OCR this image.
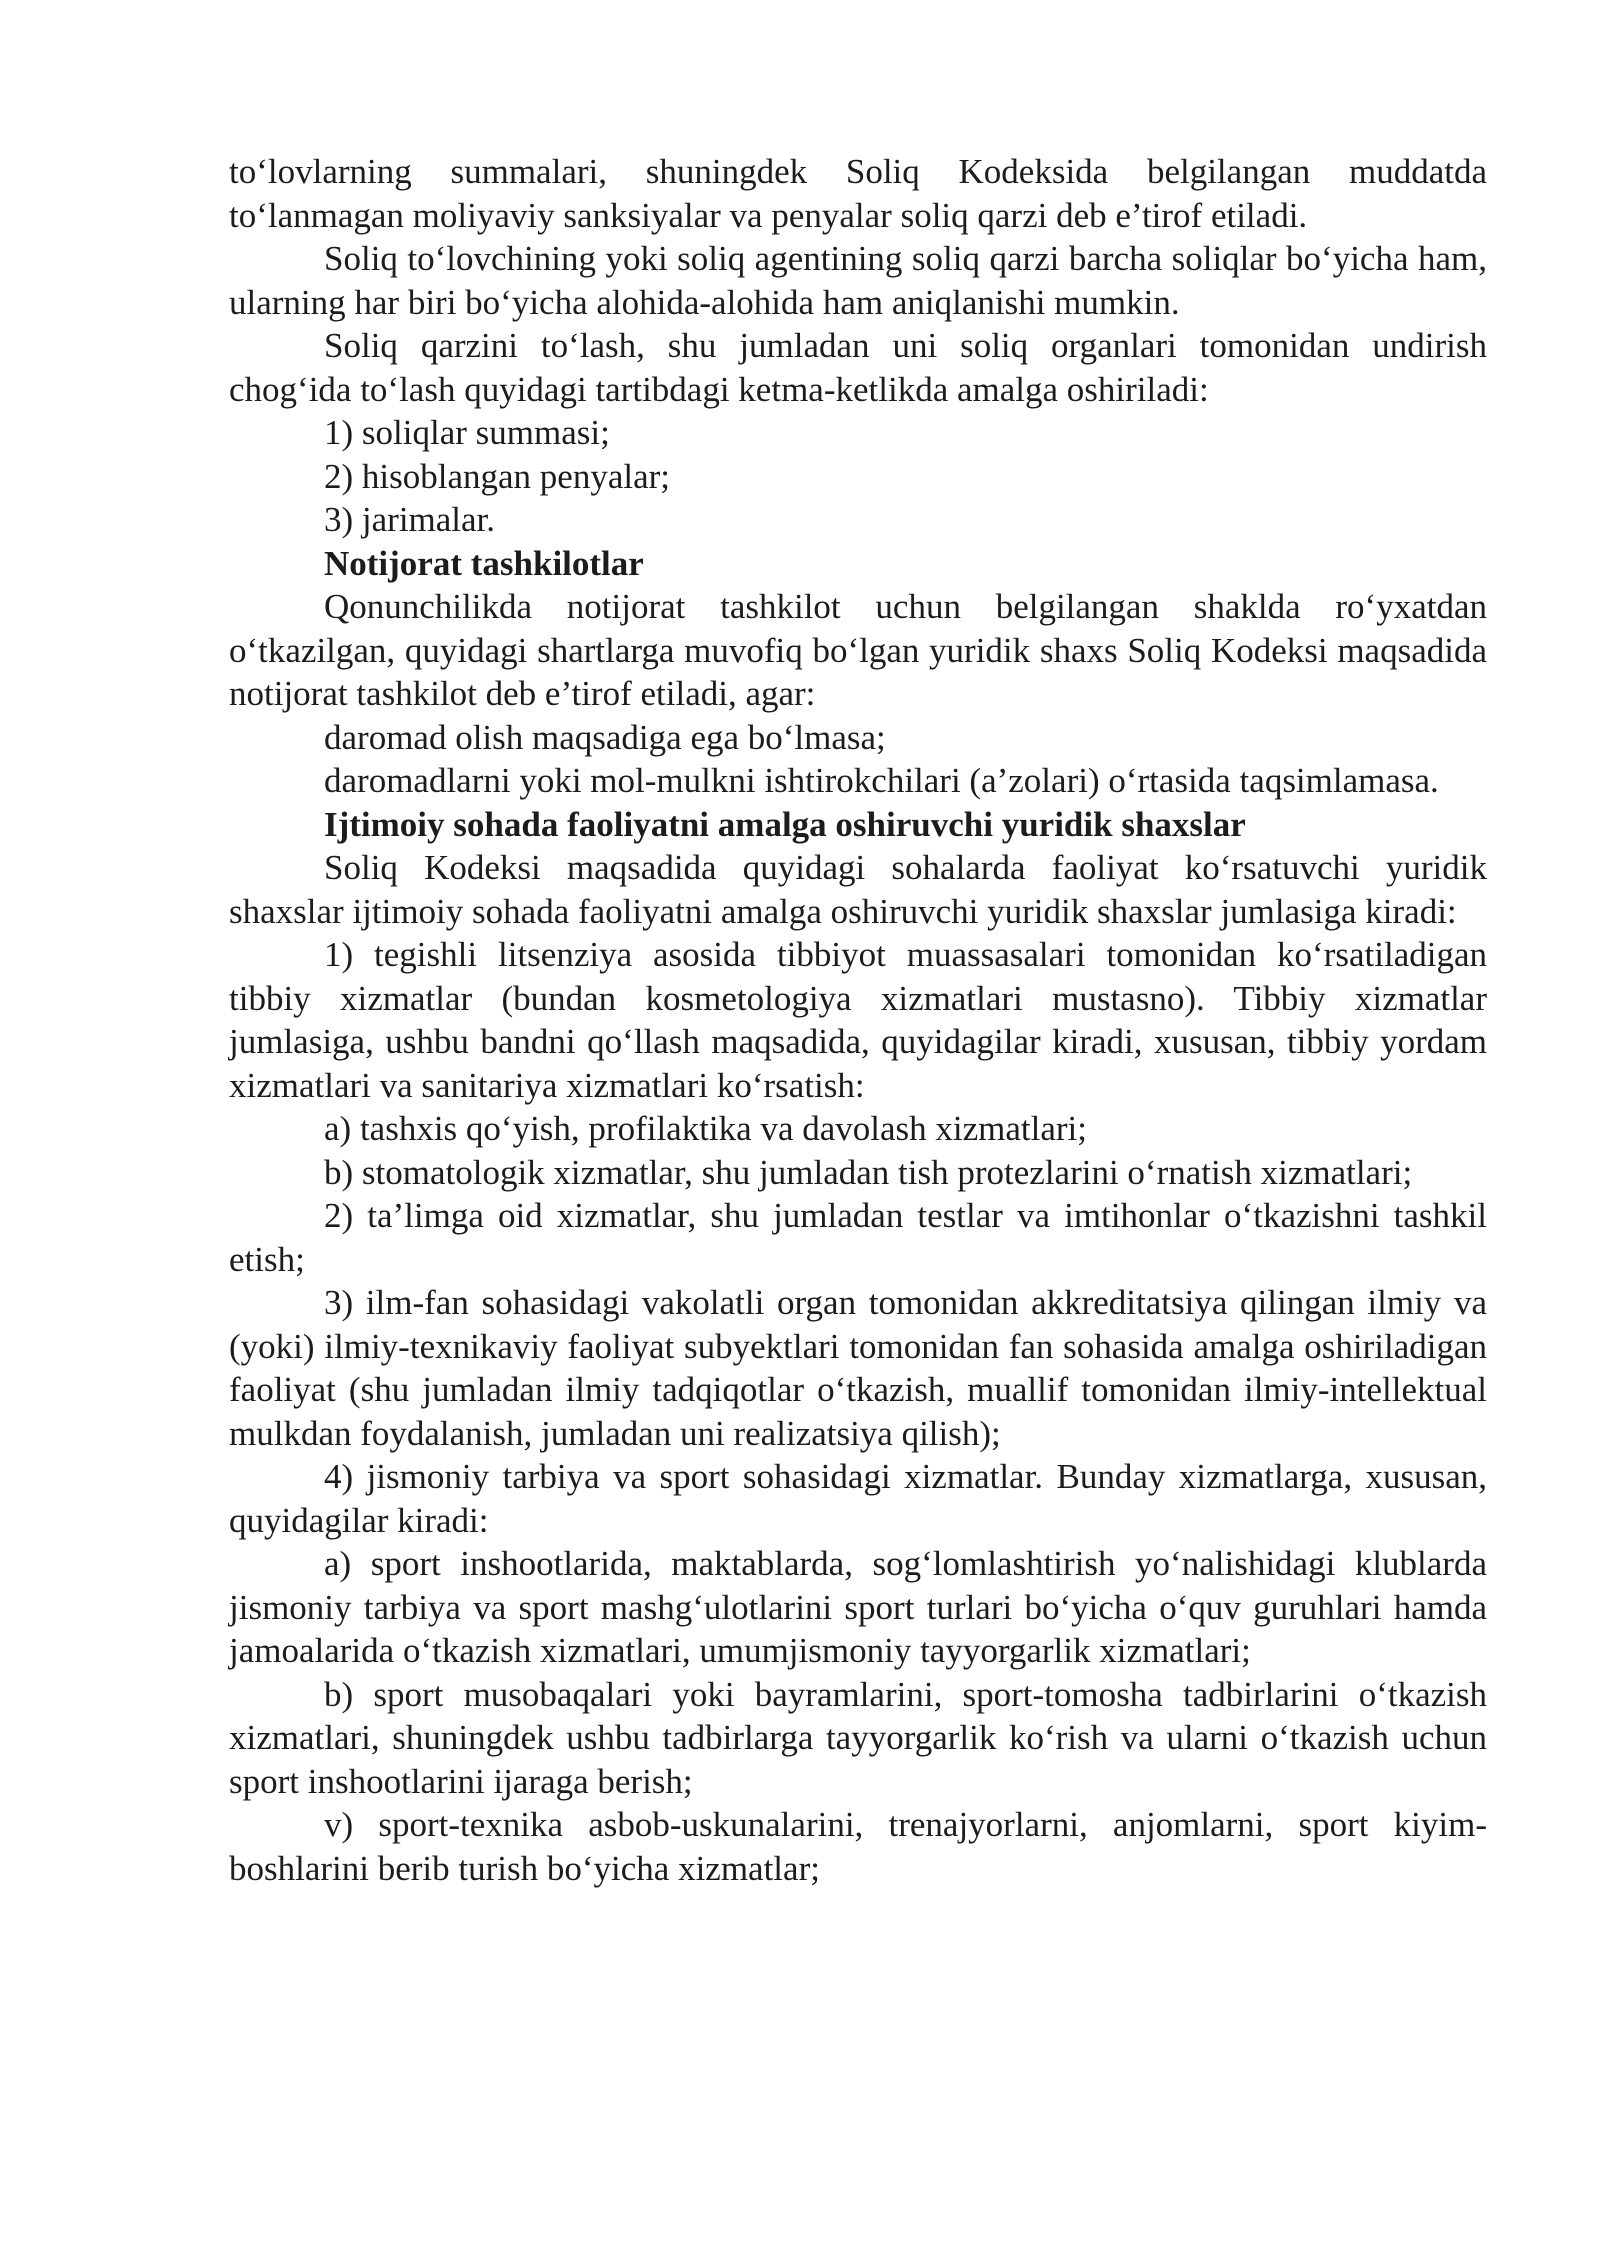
to‘lovlarning summalari, shuningdek Soliq Kodeksida belgilangan muddatda to‘lanmagan moliyaviy sanksiyalar va penyalar soliq qarzi deb e’tirof etiladi.

Soliq to‘lovchining yoki soliq agentining soliq qarzi barcha soliqlar bo‘yicha ham, ularning har biri bo‘yicha alohida-alohida ham aniqlanishi mumkin.

Soliq qarzini to‘lash, shu jumladan uni soliq organlari tomonidan undirish chog‘ida to‘lash quyidagi tartibdagi ketma-ketlikda amalga oshiriladi:

1) soliqlar summasi;

2) hisoblangan penyalar;

3) jarimalar.

Notijorat tashkilotlar

Qonunchilikda notijorat tashkilot uchun belgilangan shaklda ro‘yxatdan o‘tkazilgan, quyidagi shartlarga muvofiq bo‘lgan yuridik shaxs Soliq Kodeksi maqsadida notijorat tashkilot deb e’tirof etiladi, agar:

daromad olish maqsadiga ega bo‘lmasa;

daromadlarni yoki mol-mulkni ishtirokchilari (a’zolari) o‘rtasida taqsimlamasa.

Ijtimoiy sohada faoliyatni amalga oshiruvchi yuridik shaxslar

Soliq Kodeksi maqsadida quyidagi sohalarda faoliyat ko‘rsatuvchi yuridik shaxslar ijtimoiy sohada faoliyatni amalga oshiruvchi yuridik shaxslar jumlasiga kiradi:

1) tegishli litsenziya asosida tibbiyot muassasalari tomonidan ko‘rsatiladigan tibbiy xizmatlar (bundan kosmetologiya xizmatlari mustasno). Tibbiy xizmatlar jumlasiga, ushbu bandni qo‘llash maqsadida, quyidagilar kiradi, xususan, tibbiy yordam xizmatlari va sanitariya xizmatlari ko‘rsatish:

a) tashxis qo‘yish, profilaktika va davolash xizmatlari;

b) stomatologik xizmatlar, shu jumladan tish protezlarini o‘rnatish xizmatlari;

2) ta’limga oid xizmatlar, shu jumladan testlar va imtihonlar o‘tkazishni tashkil etish;

3) ilm-fan sohasidagi vakolatli organ tomonidan akkreditatsiya qilingan ilmiy va (yoki) ilmiy-texnikaviy faoliyat subyektlari tomonidan fan sohasida amalga oshiriladigan faoliyat (shu jumladan ilmiy tadqiqotlar o‘tkazish, muallif tomonidan ilmiy-intellektual mulkdan foydalanish, jumladan uni realizatsiya qilish);

4) jismoniy tarbiya va sport sohasidagi xizmatlar. Bunday xizmatlarga, xususan, quyidagilar kiradi:

a) sport inshootlarida, maktablarda, sog‘lomlashtirish yo‘nalishidagi klublarda jismoniy tarbiya va sport mashg‘ulotlarini sport turlari bo‘yicha o‘quv guruhlari hamda jamoalarida o‘tkazish xizmatlari, umumjismoniy tayyorgarlik xizmatlari;

b) sport musobaqalari yoki bayramlarini, sport-tomosha tadbirlarini o‘tkazish xizmatlari, shuningdek ushbu tadbirlarga tayyorgarlik ko‘rish va ularni o‘tkazish uchun sport inshootlarini ijaraga berish;

v) sport-texnika asbob-uskunalarini, trenajyorlarni, anjomlarni, sport kiyim-boshlarini berib turish bo‘yicha xizmatlar;
